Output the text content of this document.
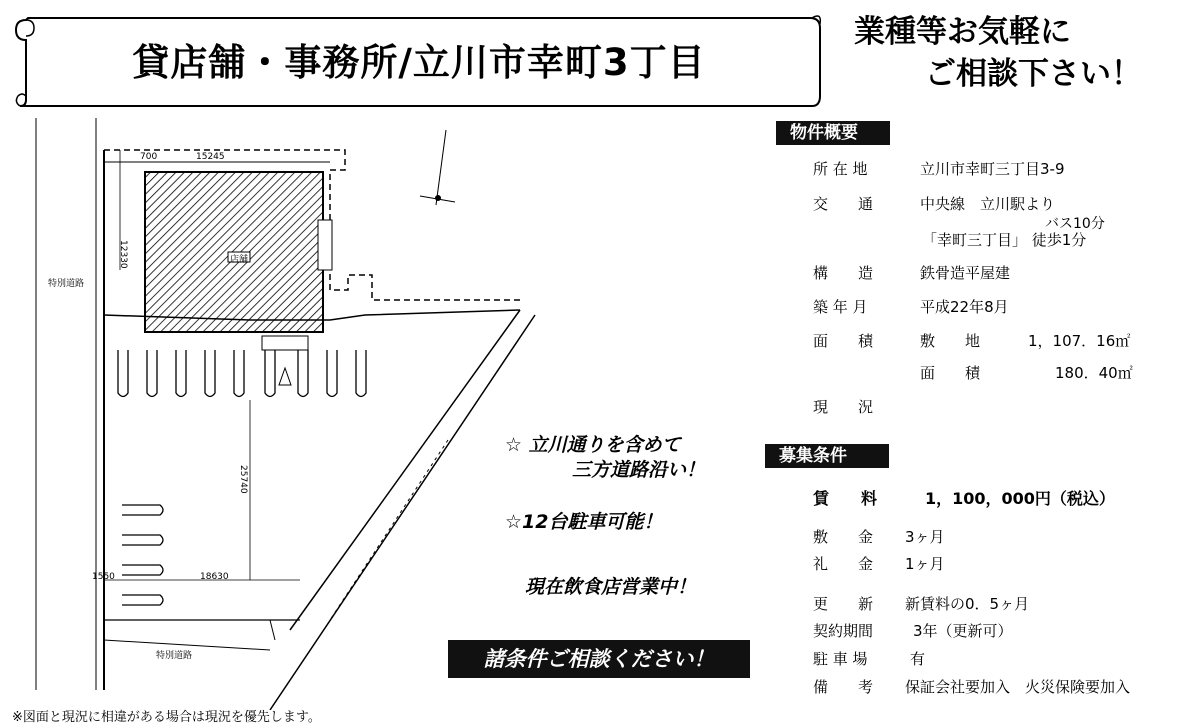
貸店舗・事務所/立川市幸町3丁目
業種等お気軽に
ご相談下さい！
物件概要
所 在 地	立川市幸町三丁目3-9
交　　通	中央線　立川駅より
バス10分
「幸町三丁目」 徒歩1分
構　　造	鉄骨造平屋建
築 年 月	平成22年8月
面　　積	敷　　地	1，107．16㎡
面　　積	180．40㎡
現　　況
募集条件
賃　　料	1，100，000円（税込）
敷　　金 3ヶ月
礼　　金 1ヶ月
更　　新 新賃料の0．5ヶ月
契約期間	3年（更新可）
駐 車 場	有
備　　考 保証会社要加入　火災保険要加入
700	15245
12330
25740
1550	18630
特別道路
特別道路
店舗
☆ 立川通りを含めて
三方道路沿い！
☆12台駐車可能！
現在飲食店営業中！
諸条件ご相談ください！
※図面と現況に相違がある場合は現況を優先します。
